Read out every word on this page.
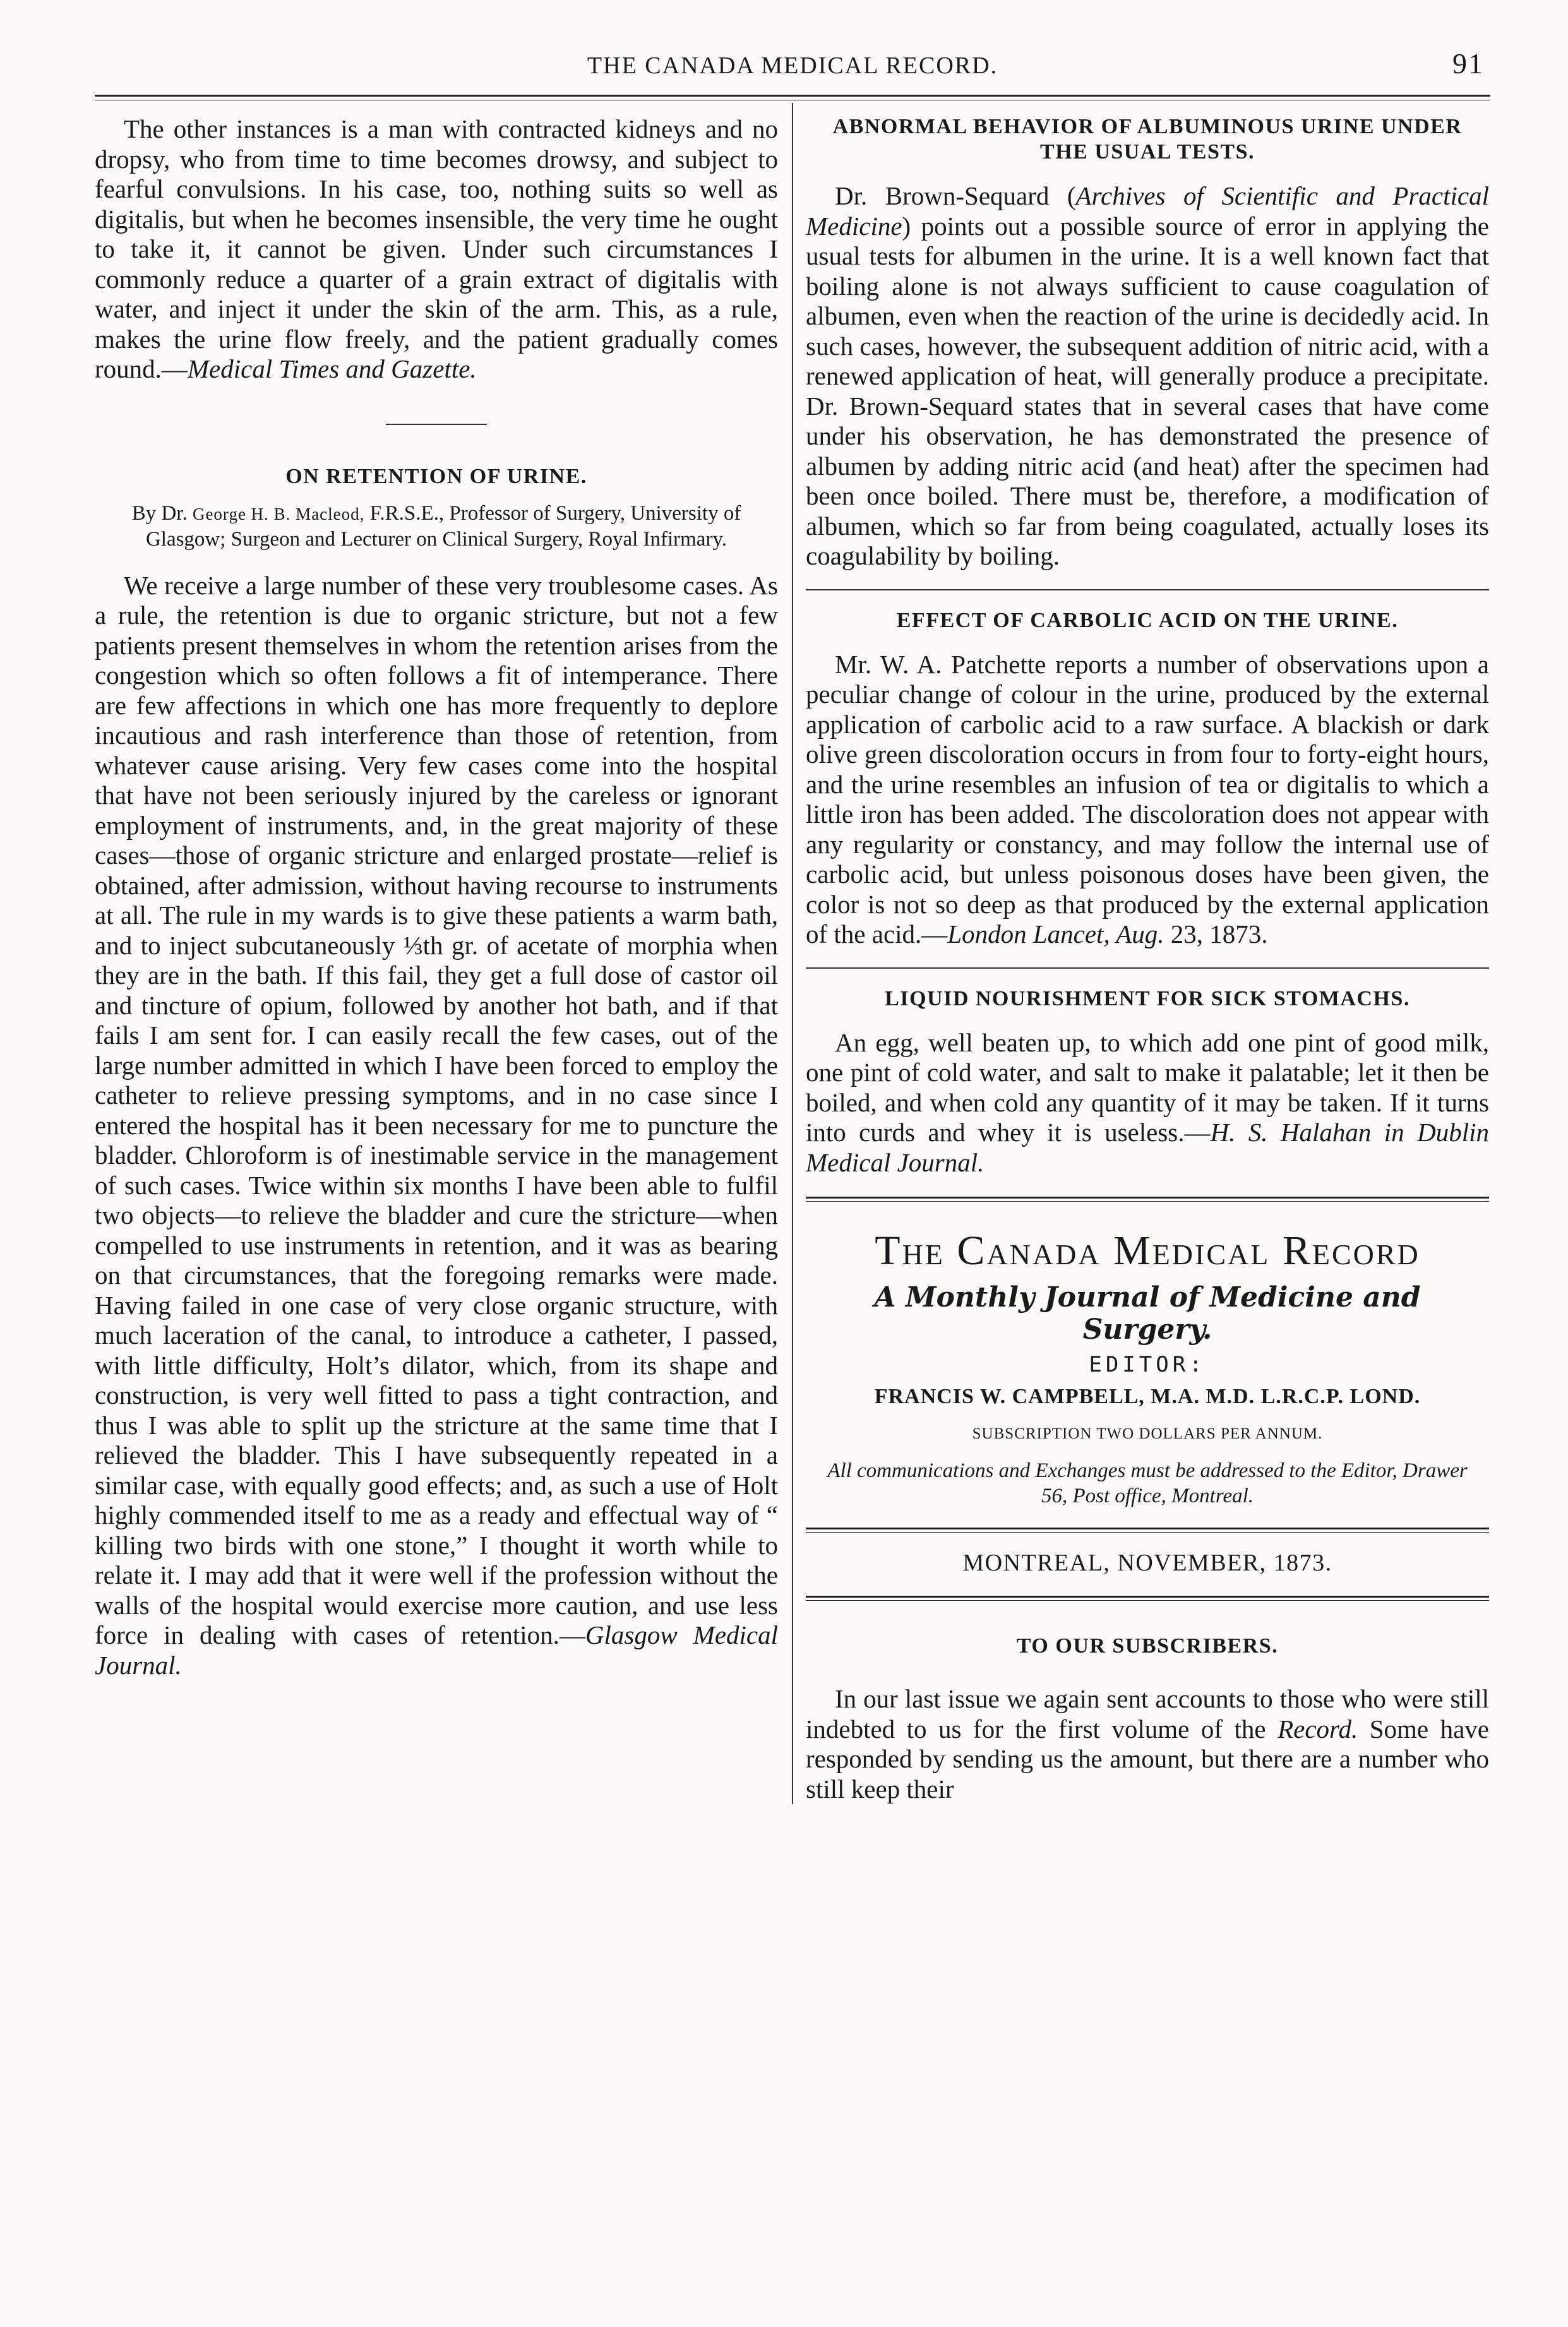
THE CANADA MEDICAL RECORD.	91

The other instances is a man with contracted kidneys and no dropsy, who from time to time becomes drowsy, and subject to fearful convulsions. In his case, too, nothing suits so well as digitalis, but when he becomes insensible, the very time he ought to take it, it cannot be given. Under such circumstances I commonly reduce a quarter of a grain extract of digitalis with water, and inject it under the skin of the arm. This, as a rule, makes the urine flow freely, and the patient gradually comes round.—Medical Times and Gazette.

ON RETENTION OF URINE.
By Dr. George H. B. Macleod, F.R.S.E., Professor of Surgery, University of Glasgow; Surgeon and Lecturer on Clinical Surgery, Royal Infirmary.

We receive a large number of these very troublesome cases. As a rule, the retention is due to organic stricture, but not a few patients present themselves in whom the retention arises from the congestion which so often follows a fit of intemperance. There are few affections in which one has more frequently to deplore incautious and rash interference than those of retention, from whatever cause arising. Very few cases come into the hospital that have not been seriously injured by the careless or ignorant employment of instruments, and, in the great majority of these cases—those of organic stricture and enlarged prostate—relief is obtained, after admission, without having recourse to instruments at all. The rule in my wards is to give these patients a warm bath, and to inject subcutaneously ⅓th gr. of acetate of morphia when they are in the bath. If this fail, they get a full dose of castor oil and tincture of opium, followed by another hot bath, and if that fails I am sent for. I can easily recall the few cases, out of the large number admitted in which I have been forced to employ the catheter to relieve pressing symptoms, and in no case since I entered the hospital has it been necessary for me to puncture the bladder. Chloroform is of inestimable service in the management of such cases. Twice within six months I have been able to fulfil two objects—to relieve the bladder and cure the stricture—when compelled to use instruments in retention, and it was as bearing on that circumstances, that the foregoing remarks were made. Having failed in one case of very close organic structure, with much laceration of the canal, to introduce a catheter, I passed, with little difficulty, Holt’s dilator, which, from its shape and construction, is very well fitted to pass a tight contraction, and thus I was able to split up the stricture at the same time that I relieved the bladder. This I have subsequently repeated in a similar case, with equally good effects; and, as such a use of Holt highly commended itself to me as a ready and effectual way of “ killing two birds with one stone,” I thought it worth while to relate it. I may add that it were well if the profession without the walls of the hospital would exercise more caution, and use less force in dealing with cases of retention.—Glasgow Medical Journal.

ABNORMAL BEHAVIOR OF ALBUMINOUS URINE UNDER THE USUAL TESTS.

Dr. Brown-Sequard (Archives of Scientific and Practical Medicine) points out a possible source of error in applying the usual tests for albumen in the urine. It is a well known fact that boiling alone is not always sufficient to cause coagulation of albumen, even when the reaction of the urine is decidedly acid. In such cases, however, the subsequent addition of nitric acid, with a renewed application of heat, will generally produce a precipitate. Dr. Brown-Sequard states that in several cases that have come under his observation, he has demonstrated the presence of albumen by adding nitric acid (and heat) after the specimen had been once boiled. There must be, therefore, a modification of albumen, which so far from being coagulated, actually loses its coagulability by boiling.

EFFECT OF CARBOLIC ACID ON THE URINE.

Mr. W. A. Patchette reports a number of observations upon a peculiar change of colour in the urine, produced by the external application of carbolic acid to a raw surface. A blackish or dark olive green discoloration occurs in from four to forty-eight hours, and the urine resembles an infusion of tea or digitalis to which a little iron has been added. The discoloration does not appear with any regularity or constancy, and may follow the internal use of carbolic acid, but unless poisonous doses have been given, the color is not so deep as that produced by the external application of the acid.—London Lancet, Aug. 23, 1873.

LIQUID NOURISHMENT FOR SICK STOMACHS.

An egg, well beaten up, to which add one pint of good milk, one pint of cold water, and salt to make it palatable; let it then be boiled, and when cold any quantity of it may be taken. If it turns into curds and whey it is useless.—H. S. Halahan in Dublin Medical Journal.

The Canada Medical Record
A Monthly Journal of Medicine and Surgery.
EDITOR:
FRANCIS W. CAMPBELL, M.A. M.D. L.R.C.P. LOND.
SUBSCRIPTION TWO DOLLARS PER ANNUM.
All communications and Exchanges must be addressed to the Editor, Drawer 56, Post office, Montreal.
MONTREAL, NOVEMBER, 1873.
TO OUR SUBSCRIBERS.

In our last issue we again sent accounts to those who were still indebted to us for the first volume of the Record. Some have responded by sending us the amount, but there are a number who still keep their
